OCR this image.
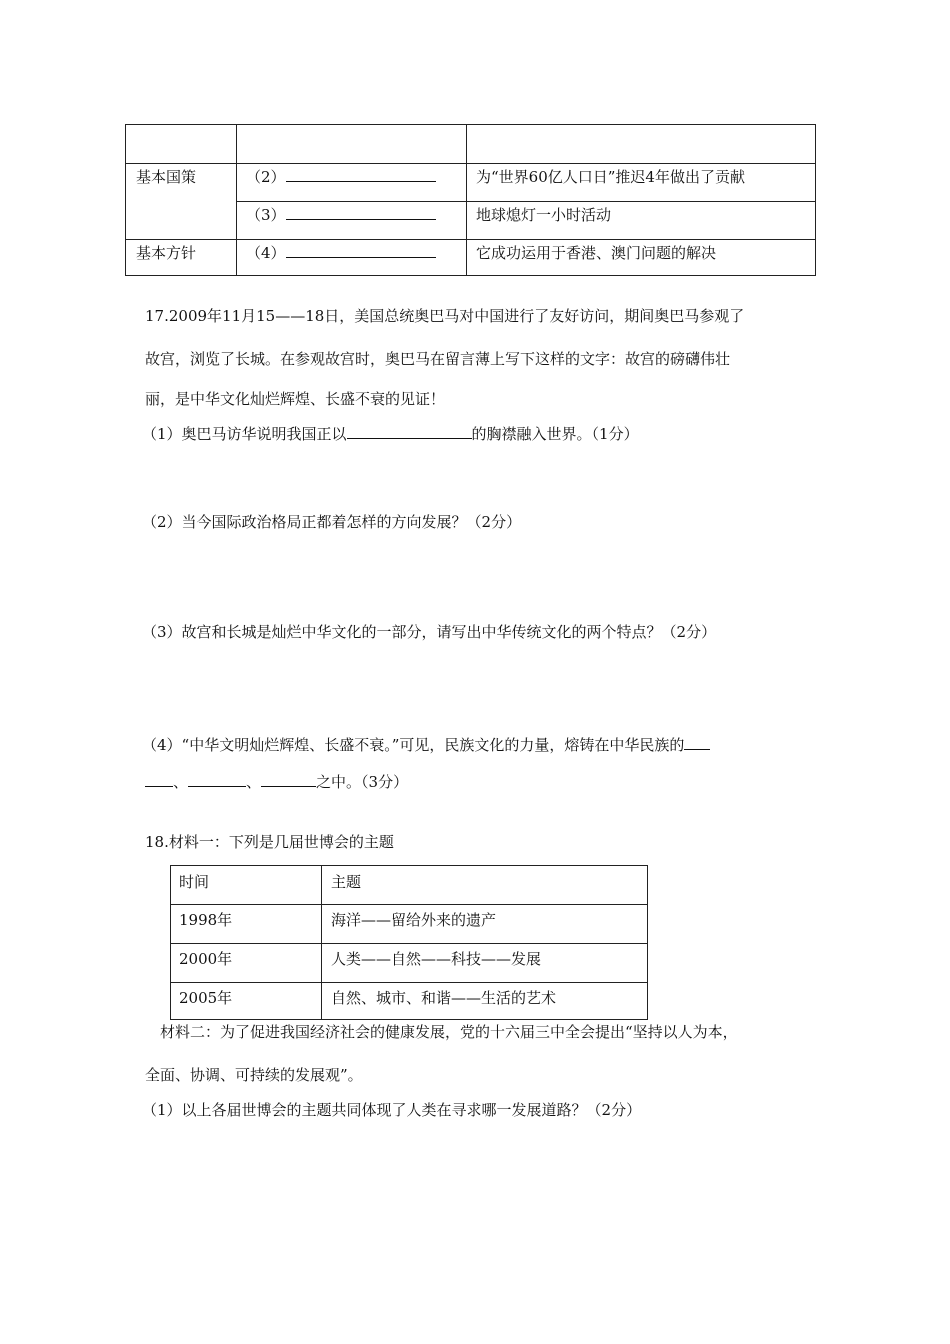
基本国策	（2）	为“世界60亿人口日”推迟4年做出了贡献
（3）	地球熄灯一小时活动
基本方针	（4）	它成功运用于香港、澳门问题的解决
17.2009年11月15——18日，美国总统奥巴马对中国进行了友好访问，期间奥巴马参观了
故宫，浏览了长城。在参观故宫时，奥巴马在留言薄上写下这样的文字：故宫的磅礴伟壮
丽，是中华文化灿烂辉煌、长盛不衰的见证！
（1）奥巴马访华说明我国正以	的胸襟融入世界。（1分）
（2）当今国际政治格局正都着怎样的方向发展？（2分）
（3）故宫和长城是灿烂中华文化的一部分，请写出中华传统文化的两个特点？（2分）
（4）“中华文明灿烂辉煌、长盛不衰。”可见，民族文化的力量，熔铸在中华民族的
、	、	之中。（3分）
18.材料一：下列是几届世博会的主题
时间	主题
1998年	海洋——留给外来的遗产
2000年	人类——自然——科技——发展
2005年	自然、城市、和谐——生活的艺术
材料二：为了促进我国经济社会的健康发展，党的十六届三中全会提出“坚持以人为本，
全面、协调、可持续的发展观”。
（1）以上各届世博会的主题共同体现了人类在寻求哪一发展道路？（2分）
